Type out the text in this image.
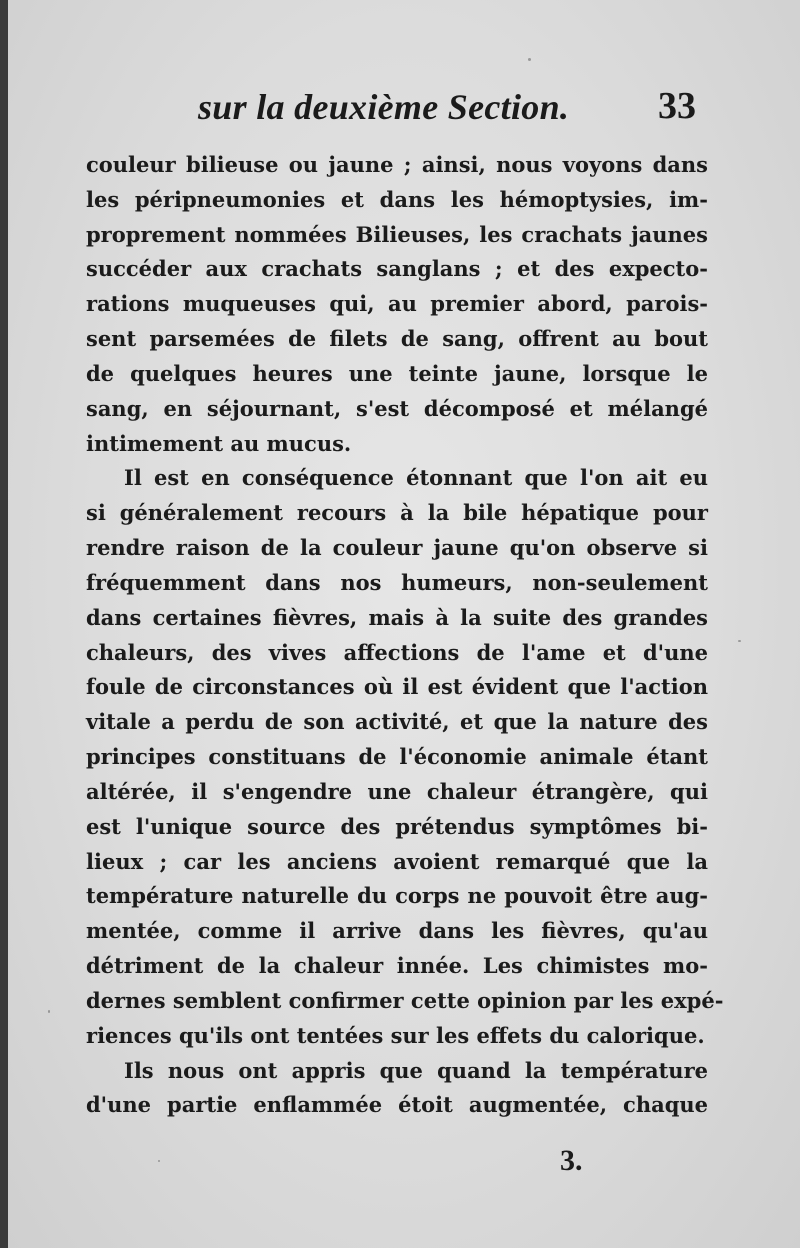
sur la deuxième Section. 33
couleur bilieuse ou jaune ; ainsi, nous voyons dans
les péripneumonies et dans les hémoptysies, im-
proprement nommées Bilieuses, les crachats jaunes
succéder aux crachats sanglans ; et des expecto-
rations muqueuses qui, au premier abord, parois-
sent parsemées de filets de sang, offrent au bout
de quelques heures une teinte jaune, lorsque le
sang, en séjournant, s'est décomposé et mélangé
intimement au mucus.
Il est en conséquence étonnant que l'on ait eu
si généralement recours à la bile hépatique pour
rendre raison de la couleur jaune qu'on observe si
fréquemment dans nos humeurs, non-seulement
dans certaines fièvres, mais à la suite des grandes
chaleurs, des vives affections de l'ame et d'une
foule de circonstances où il est évident que l'action
vitale a perdu de son activité, et que la nature des
principes constituans de l'économie animale étant
altérée, il s'engendre une chaleur étrangère, qui
est l'unique source des prétendus symptômes bi-
lieux ; car les anciens avoient remarqué que la
température naturelle du corps ne pouvoit être aug-
mentée, comme il arrive dans les fièvres, qu'au
détriment de la chaleur innée. Les chimistes mo-
dernes semblent confirmer cette opinion par les expé-
riences qu'ils ont tentées sur les effets du calorique.
Ils nous ont appris que quand la température
d'une partie enflammée étoit augmentée, chaque
3.
